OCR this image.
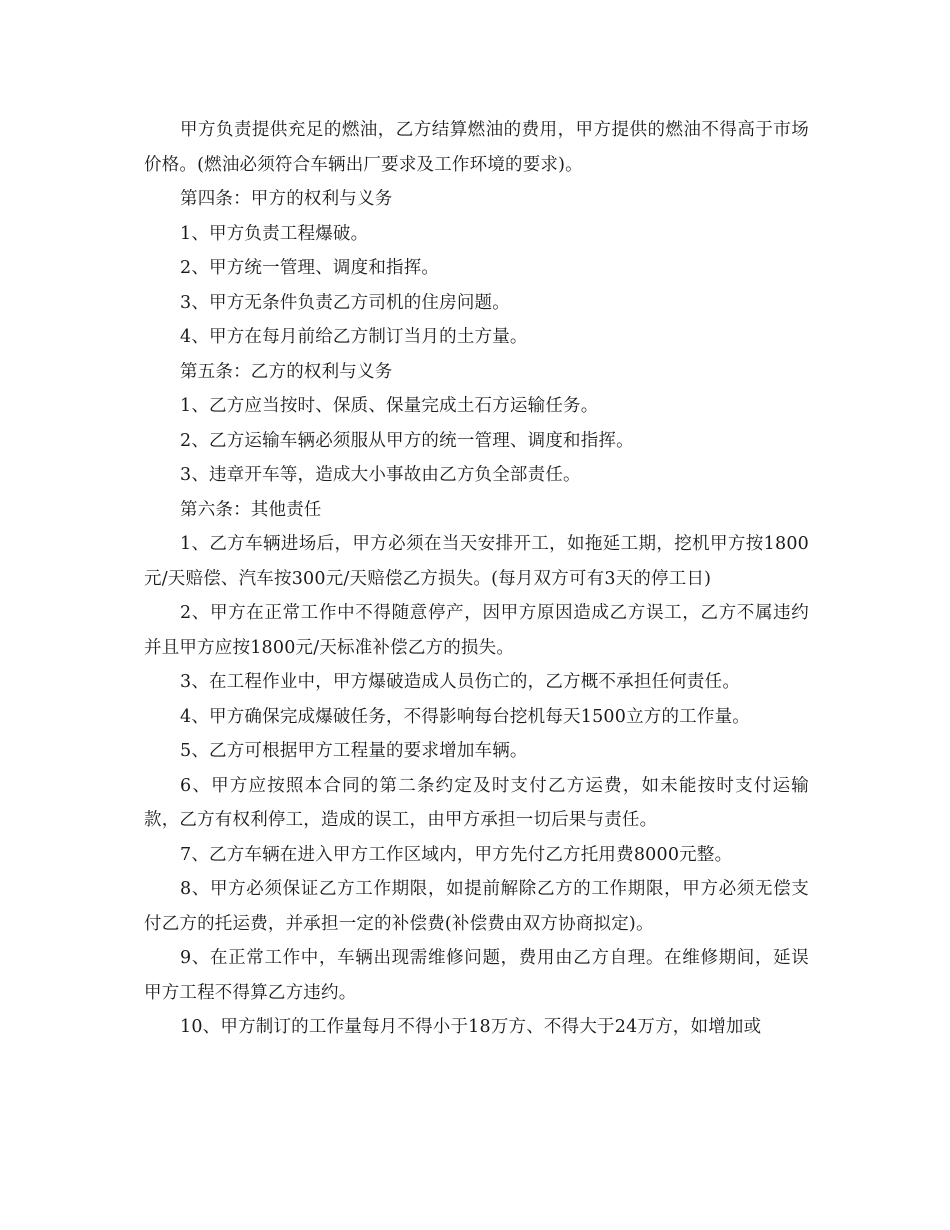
甲方负责提供充足的燃油，乙方结算燃油的费用，甲方提供的燃油不得高于市场价格。(燃油必须符合车辆出厂要求及工作环境的要求)。

第四条：甲方的权利与义务

1、甲方负责工程爆破。

2、甲方统一管理、调度和指挥。

3、甲方无条件负责乙方司机的住房问题。

4、甲方在每月前给乙方制订当月的土方量。

第五条：乙方的权利与义务

1、乙方应当按时、保质、保量完成土石方运输任务。

2、乙方运输车辆必须服从甲方的统一管理、调度和指挥。

3、违章开车等，造成大小事故由乙方负全部责任。

第六条：其他责任

1、乙方车辆进场后，甲方必须在当天安排开工，如拖延工期，挖机甲方按1800元/天赔偿、汽车按300元/天赔偿乙方损失。(每月双方可有3天的停工日)

2、甲方在正常工作中不得随意停产，因甲方原因造成乙方误工，乙方不属违约并且甲方应按1800元/天标准补偿乙方的损失。

3、在工程作业中，甲方爆破造成人员伤亡的，乙方概不承担任何责任。

4、甲方确保完成爆破任务，不得影响每台挖机每天1500立方的工作量。

5、乙方可根据甲方工程量的要求增加车辆。

6、甲方应按照本合同的第二条约定及时支付乙方运费，如未能按时支付运输款，乙方有权利停工，造成的误工，由甲方承担一切后果与责任。

7、乙方车辆在进入甲方工作区域内，甲方先付乙方托用费8000元整。

8、甲方必须保证乙方工作期限，如提前解除乙方的工作期限，甲方必须无偿支付乙方的托运费，并承担一定的补偿费(补偿费由双方协商拟定)。

9、在正常工作中，车辆出现需维修问题，费用由乙方自理。在维修期间，延误甲方工程不得算乙方违约。

10、甲方制订的工作量每月不得小于18万方、不得大于24万方，如增加或
